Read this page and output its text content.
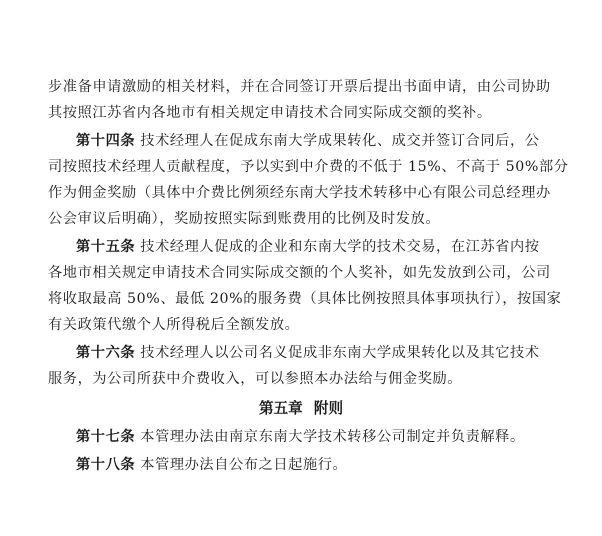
步准备申请激励的相关材料，并在合同签订开票后提出书面申请，由公司协助
其按照江苏省内各地市有相关规定申请技术合同实际成交额的奖补。
第十四条 技术经理人在促成东南大学成果转化、成交并签订合同后，公
司按照技术经理人贡献程度，予以实到中介费的不低于 15%、不高于 50%部分
作为佣金奖励（具体中介费比例须经东南大学技术转移中心有限公司总经理办
公会审议后明确），奖励按照实际到账费用的比例及时发放。
第十五条 技术经理人促成的企业和东南大学的技术交易，在江苏省内按
各地市相关规定申请技术合同实际成交额的个人奖补，如先发放到公司，公司
将收取最高 50%、最低 20%的服务费（具体比例按照具体事项执行），按国家
有关政策代缴个人所得税后全额发放。
第十六条 技术经理人以公司名义促成非东南大学成果转化以及其它技术
服务，为公司所获中介费收入，可以参照本办法给与佣金奖励。
第五章 附则
第十七条 本管理办法由南京东南大学技术转移公司制定并负责解释。
第十八条 本管理办法自公布之日起施行。
